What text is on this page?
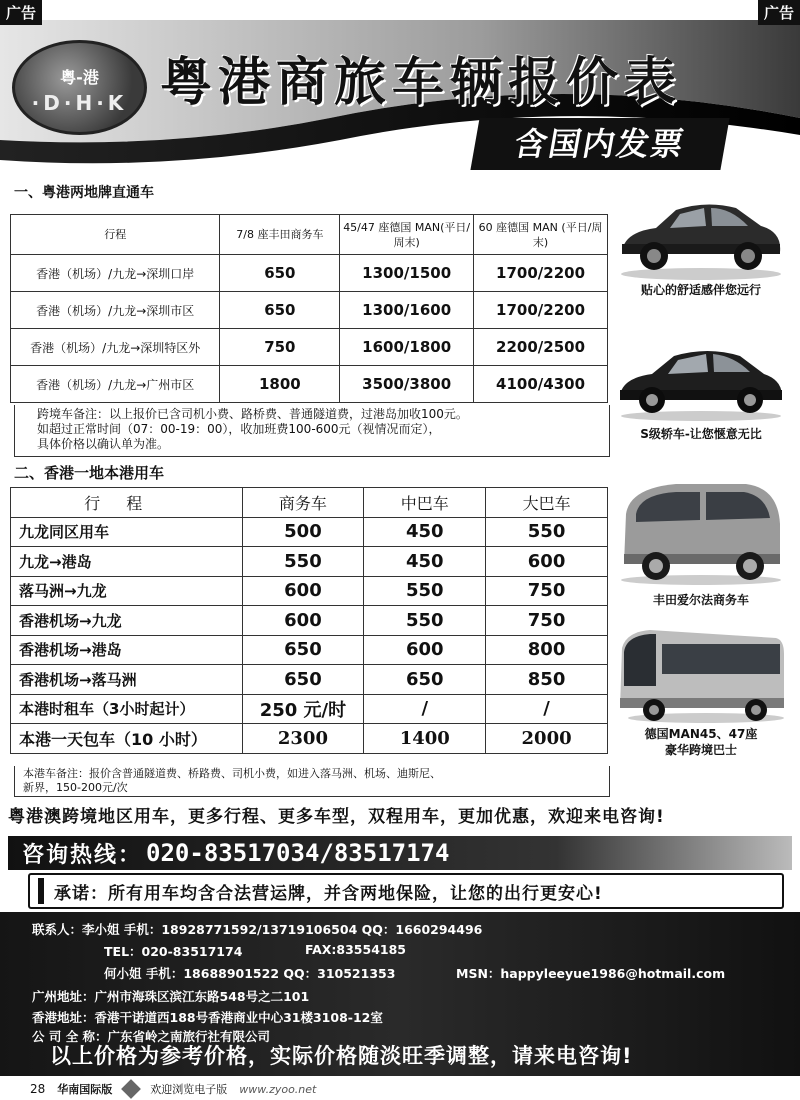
广告	广告
粤-港
·D·H·K 粤港商旅车辆报价表
含国内发票
一、粤港两地牌直通车
行程	7/8 座丰田商务车	45/47 座德国 MAN(平日/周末)	60 座德国 MAN (平日/周末)
香港（机场）/九龙→深圳口岸	650	1300/1500	1700/2200
香港（机场）/九龙→深圳市区	650	1300/1600	1700/2200
香港（机场）/九龙→深圳特区外	750	1600/1800	2200/2500
香港（机场）/九龙→广州市区	1800	3500/3800	4100/4300
跨境车备注：以上报价已含司机小费、路桥费、普通隧道费，过港岛加收100元。
如超过正常时间（07：00-19：00），收加班费100-600元（视情况而定），
具体价格以确认单为准。
二、香港一地本港用车
行程	商务车	中巴车	大巴车
九龙同区用车	500	450	550
九龙→港岛	550	450	600
落马洲→九龙	600	550	750
香港机场→九龙	600	550	750
香港机场→港岛	650	600	800
香港机场→落马洲	650	650	850
本港时租车（3小时起计）	250 元/时	/	/
本港一天包车（10 小时）	2300	1400	2000
本港车备注：报价含普通隧道费、桥路费、司机小费，如进入落马洲、机场、迪斯尼、
新界，150-200元/次
贴心的舒适感伴您远行
S级轿车-让您惬意无比
丰田爱尔法商务车
德国MAN45、47座
豪华跨境巴士
粤港澳跨境地区用车，更多行程、更多车型，双程用车，更加优惠，欢迎来电咨询!
咨询热线： 020-83517034/83517174
承诺：所有用车均含合法营运牌，并含两地保险，让您的出行更安心!
联系人：李小姐 手机：18928771592/13719106504 QQ：1660294496
TEL：020-83517174	FAX:83554185
何小姐 手机：18688901522 QQ：310521353	MSN：happyleeyue1986@hotmail.com
广州地址：广州市海珠区滨江东路548号之二101
香港地址：香港干诺道西188号香港商业中心31楼3108-12室
公 司 全 称：广东省岭之南旅行社有限公司
以上价格为参考价格，实际价格随淡旺季调整，请来电咨询!
28 华南国际版	欢迎浏览电子版 www.zyoo.net
